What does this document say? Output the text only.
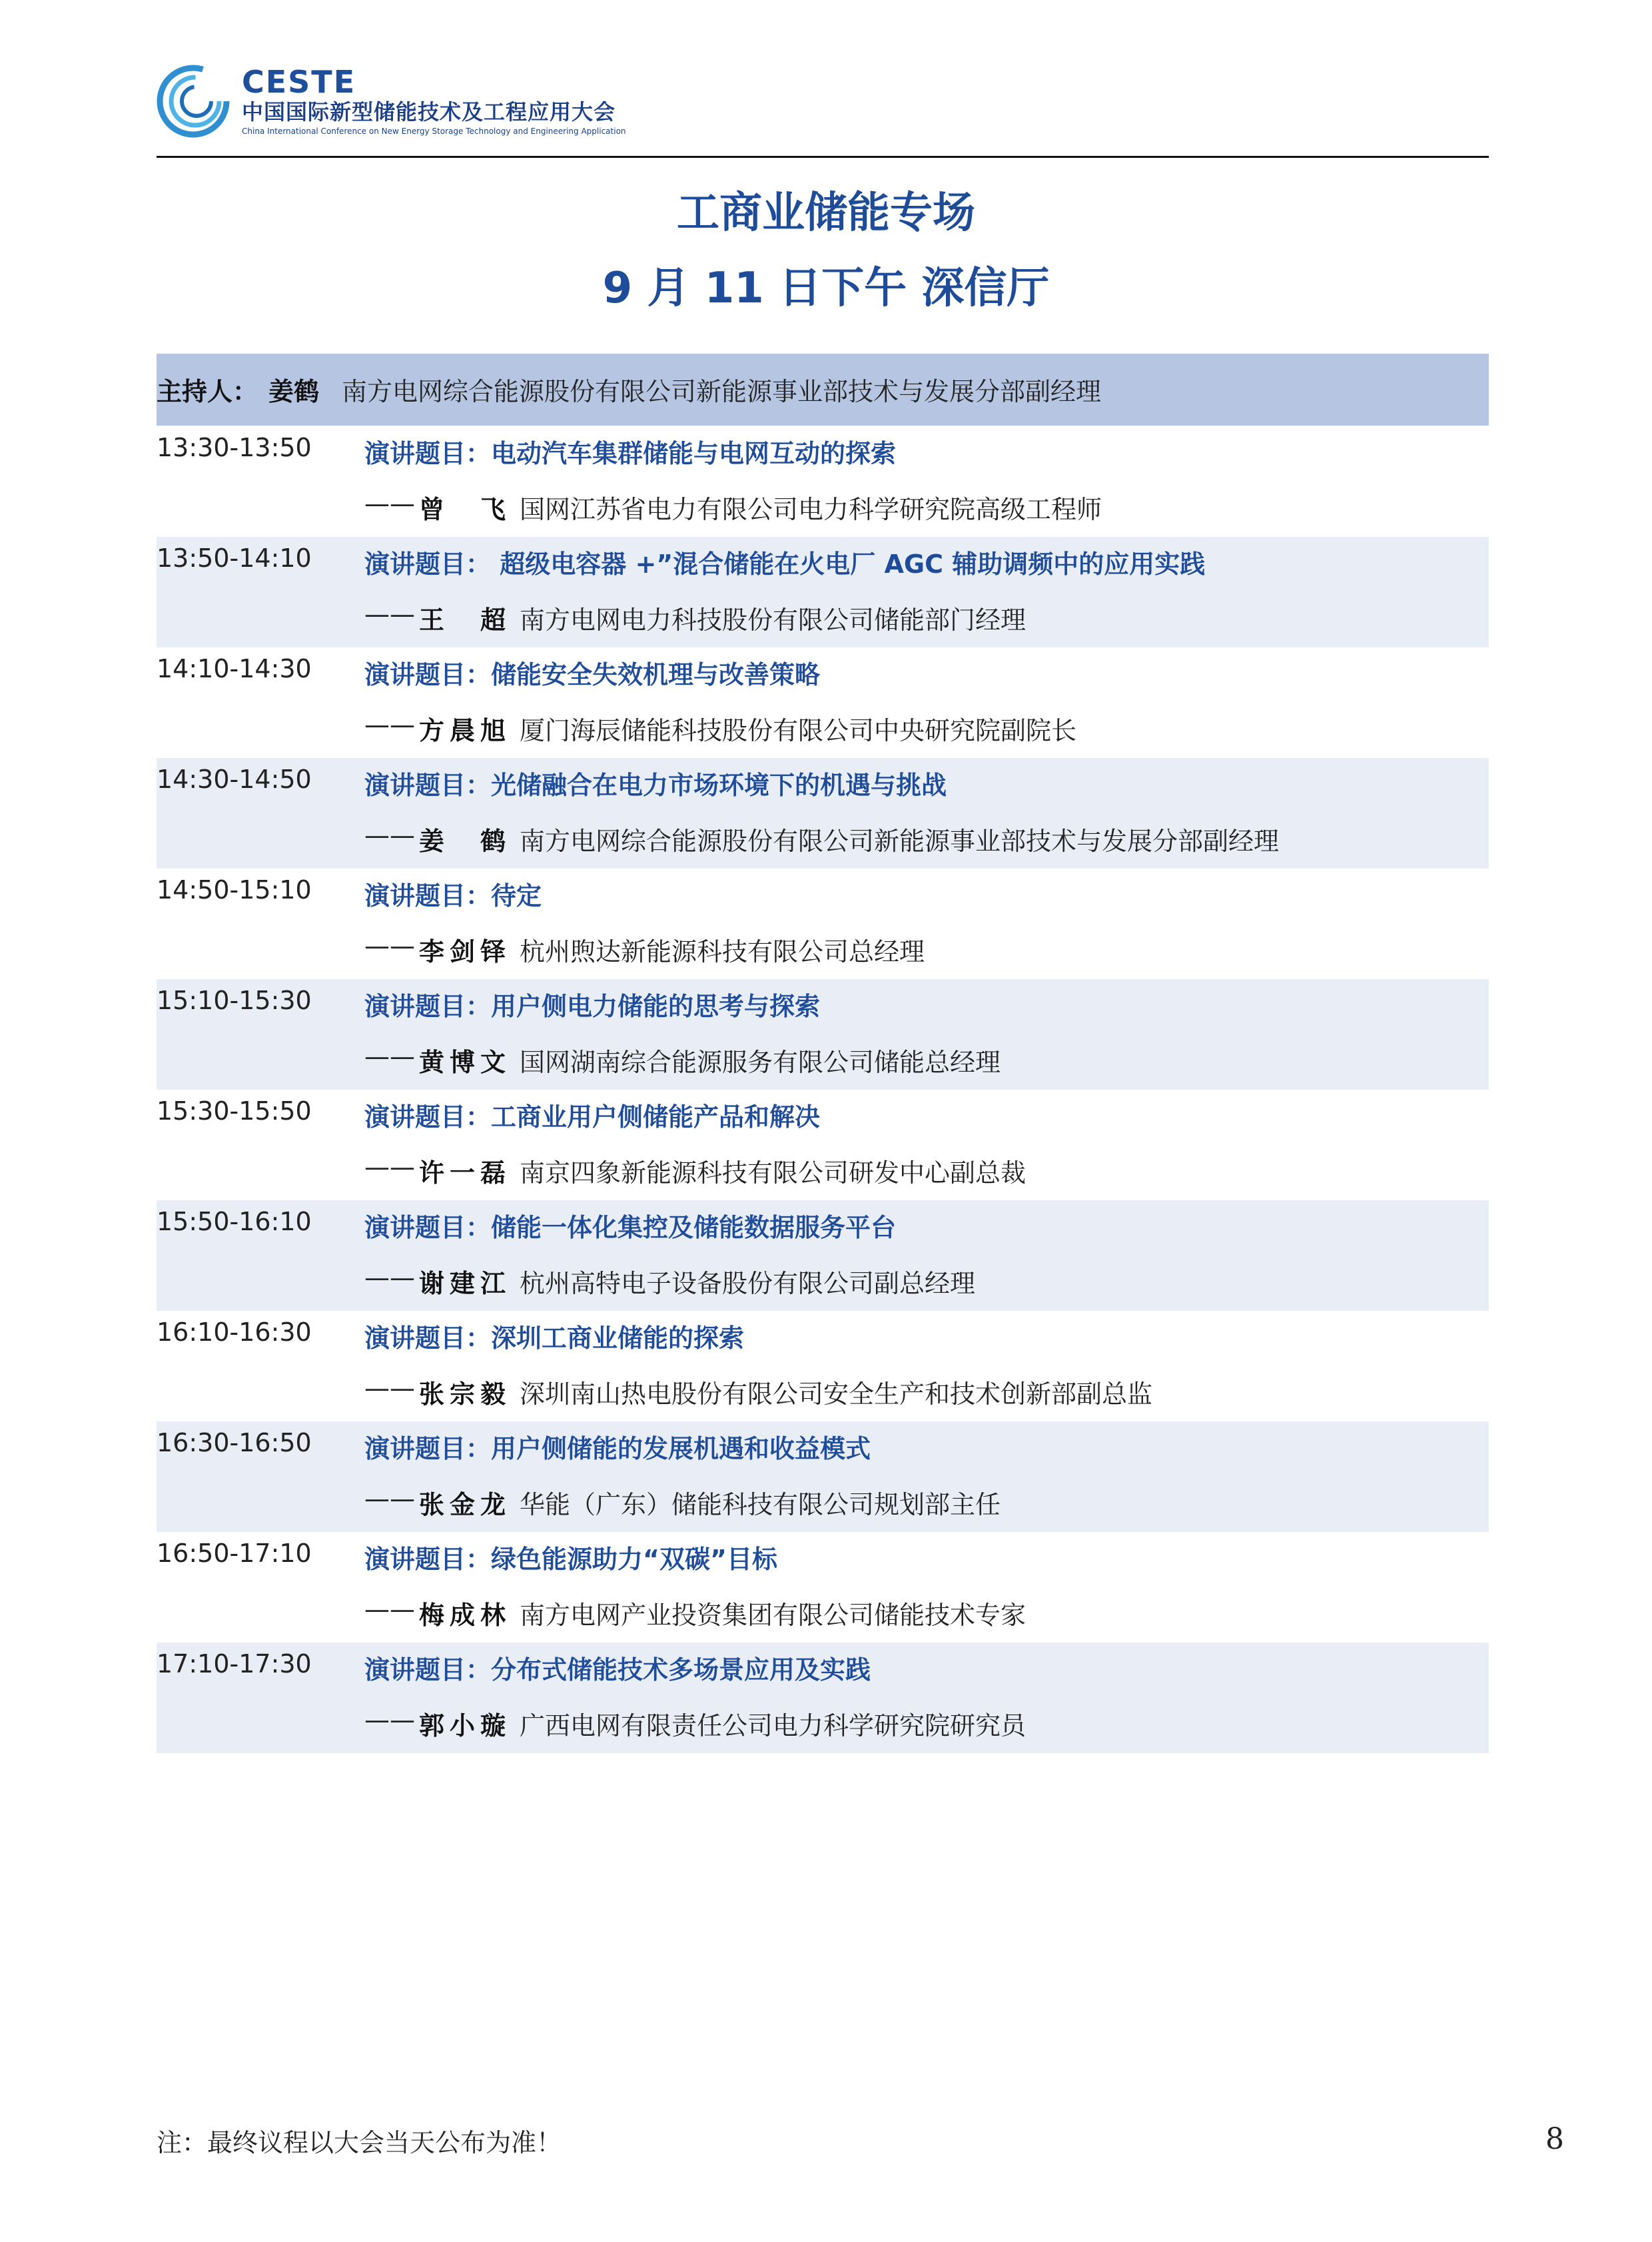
CESTE
中国国际新型储能技术及工程应用大会
China International Conference on New Energy Storage Technology and Engineering Application
工商业储能专场
9 月 11 日下午 深信厅
主持人： 姜鹤 南方电网综合能源股份有限公司新能源事业部技术与发展分部副经理
13:30-13:50 演讲题目：电动汽车集群储能与电网互动的探索
—— 曾飞 国网江苏省电力有限公司电力科学研究院高级工程师
13:50-14:10 演讲题目： 超级电容器 +”混合储能在火电厂 AGC 辅助调频中的应用实践
—— 王超 南方电网电力科技股份有限公司储能部门经理
14:10-14:30 演讲题目：储能安全失效机理与改善策略
—— 方晨旭 厦门海辰储能科技股份有限公司中央研究院副院长
14:30-14:50 演讲题目：光储融合在电力市场环境下的机遇与挑战
—— 姜鹤 南方电网综合能源股份有限公司新能源事业部技术与发展分部副经理
14:50-15:10 演讲题目：待定
—— 李剑铎 杭州煦达新能源科技有限公司总经理
15:10-15:30 演讲题目：用户侧电力储能的思考与探索
—— 黄博文 国网湖南综合能源服务有限公司储能总经理
15:30-15:50 演讲题目：工商业用户侧储能产品和解决
—— 许一磊 南京四象新能源科技有限公司研发中心副总裁
15:50-16:10 演讲题目：储能一体化集控及储能数据服务平台
—— 谢建江 杭州高特电子设备股份有限公司副总经理
16:10-16:30 演讲题目：深圳工商业储能的探索
—— 张宗毅 深圳南山热电股份有限公司安全生产和技术创新部副总监
16:30-16:50 演讲题目：用户侧储能的发展机遇和收益模式
—— 张金龙 华能（广东）储能科技有限公司规划部主任
16:50-17:10 演讲题目：绿色能源助力“双碳”目标
—— 梅成林 南方电网产业投资集团有限公司储能技术专家
17:10-17:30 演讲题目：分布式储能技术多场景应用及实践
—— 郭小璇 广西电网有限责任公司电力科学研究院研究员
注：最终议程以大会当天公布为准！	8
